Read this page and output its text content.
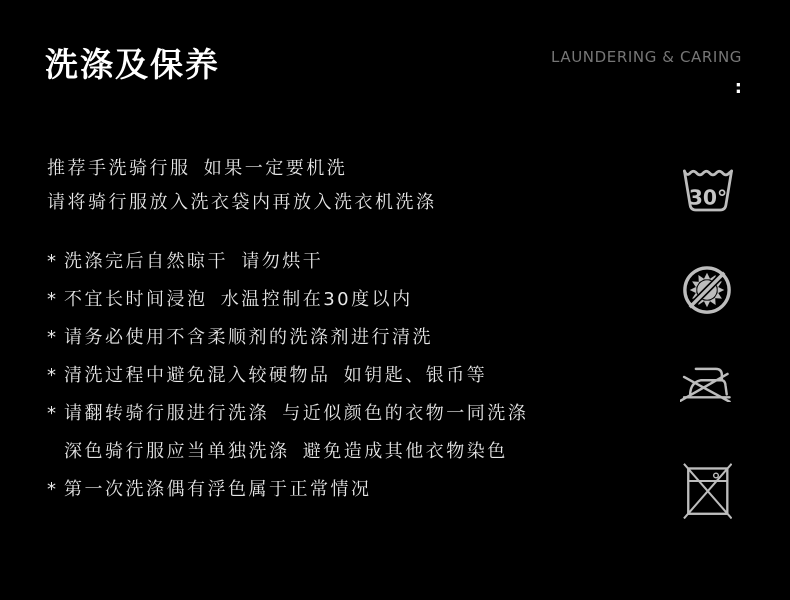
洗涤及保养	LAUNDERING & CARING
:
推荐手洗骑行服 如果一定要机洗
请将骑行服放入洗衣袋内再放入洗衣机洗涤
* 洗涤完后自然晾干 请勿烘干
* 不宜长时间浸泡 水温控制在30度以内
* 请务必使用不含柔顺剂的洗涤剂进行清洗
* 清洗过程中避免混入较硬物品 如钥匙、银币等
* 请翻转骑行服进行洗涤 与近似颜色的衣物一同洗涤
深色骑行服应当单独洗涤 避免造成其他衣物染色
* 第一次洗涤偶有浮色属于正常情况
30°
